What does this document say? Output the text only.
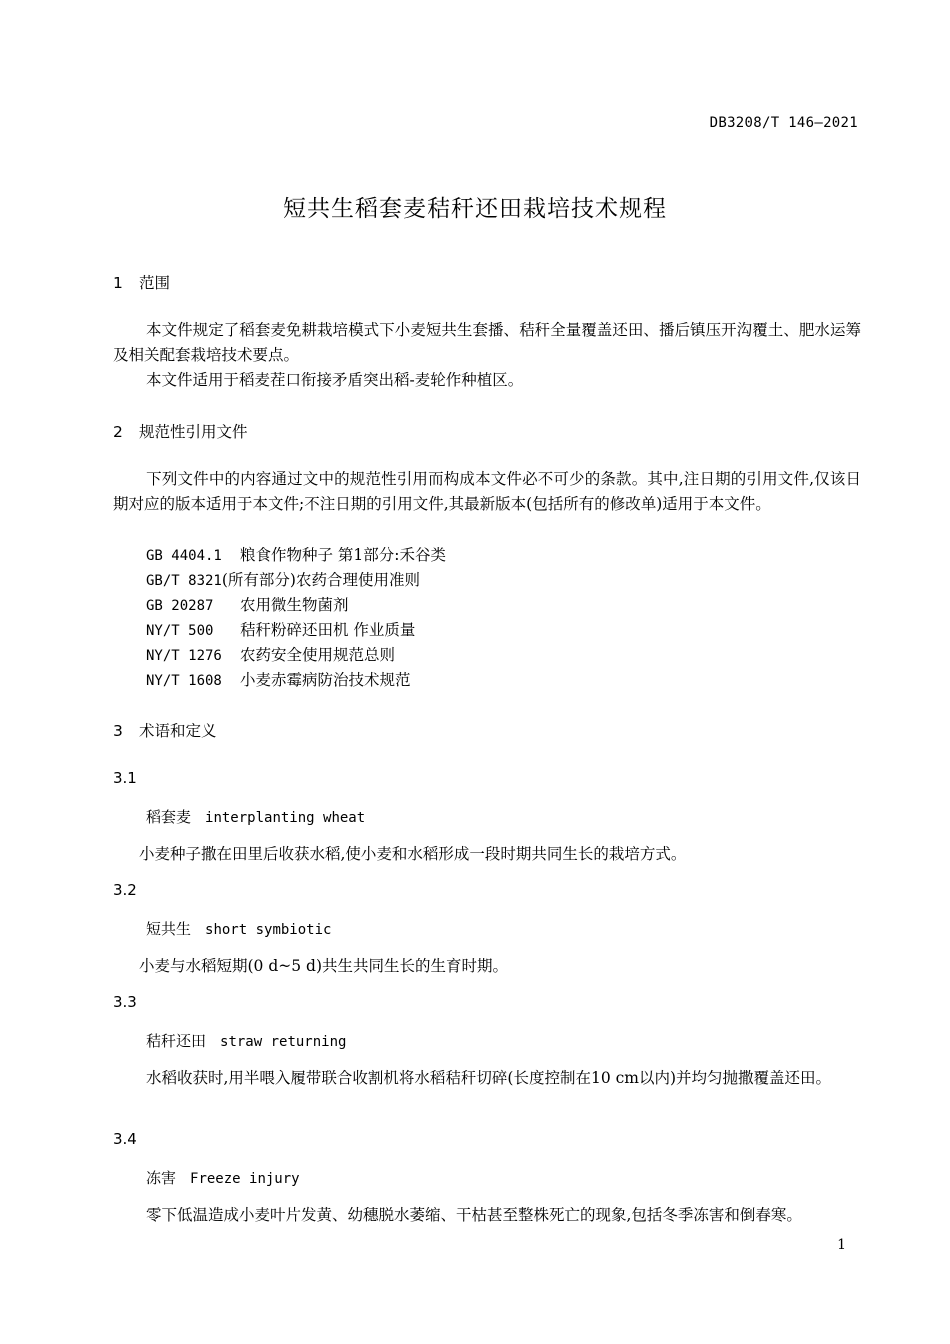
DB3208/T 146—2021
短共生稻套麦秸秆还田栽培技术规程
1 范围
本文件规定了稻套麦免耕栽培模式下小麦短共生套播、秸秆全量覆盖还田、播后镇压开沟覆土、肥水运筹及相关配套栽培技术要点。
本文件适用于稻麦茬口衔接矛盾突出稻-麦轮作种植区。
2 规范性引用文件
下列文件中的内容通过文中的规范性引用而构成本文件必不可少的条款。其中,注日期的引用文件,仅该日期对应的版本适用于本文件;不注日期的引用文件,其最新版本(包括所有的修改单)适用于本文件。
GB 4404.1 粮食作物种子 第1部分:禾谷类
GB/T 8321(所有部分)农药合理使用准则
GB 20287 农用微生物菌剂
NY/T 500 秸秆粉碎还田机 作业质量
NY/T 1276 农药安全使用规范总则
NY/T 1608 小麦赤霉病防治技术规范
3 术语和定义
3.1
稻套麦 interplanting wheat
小麦种子撒在田里后收获水稻,使小麦和水稻形成一段时期共同生长的栽培方式。
3.2
短共生 short symbiotic
小麦与水稻短期(0 d~5 d)共生共同生长的生育时期。
3.3
秸秆还田 straw returning
水稻收获时,用半喂入履带联合收割机将水稻秸秆切碎(长度控制在10 cm以内)并均匀抛撒覆盖还田。
3.4
冻害 Freeze injury
零下低温造成小麦叶片发黄、幼穗脱水萎缩、干枯甚至整株死亡的现象,包括冬季冻害和倒春寒。
1
